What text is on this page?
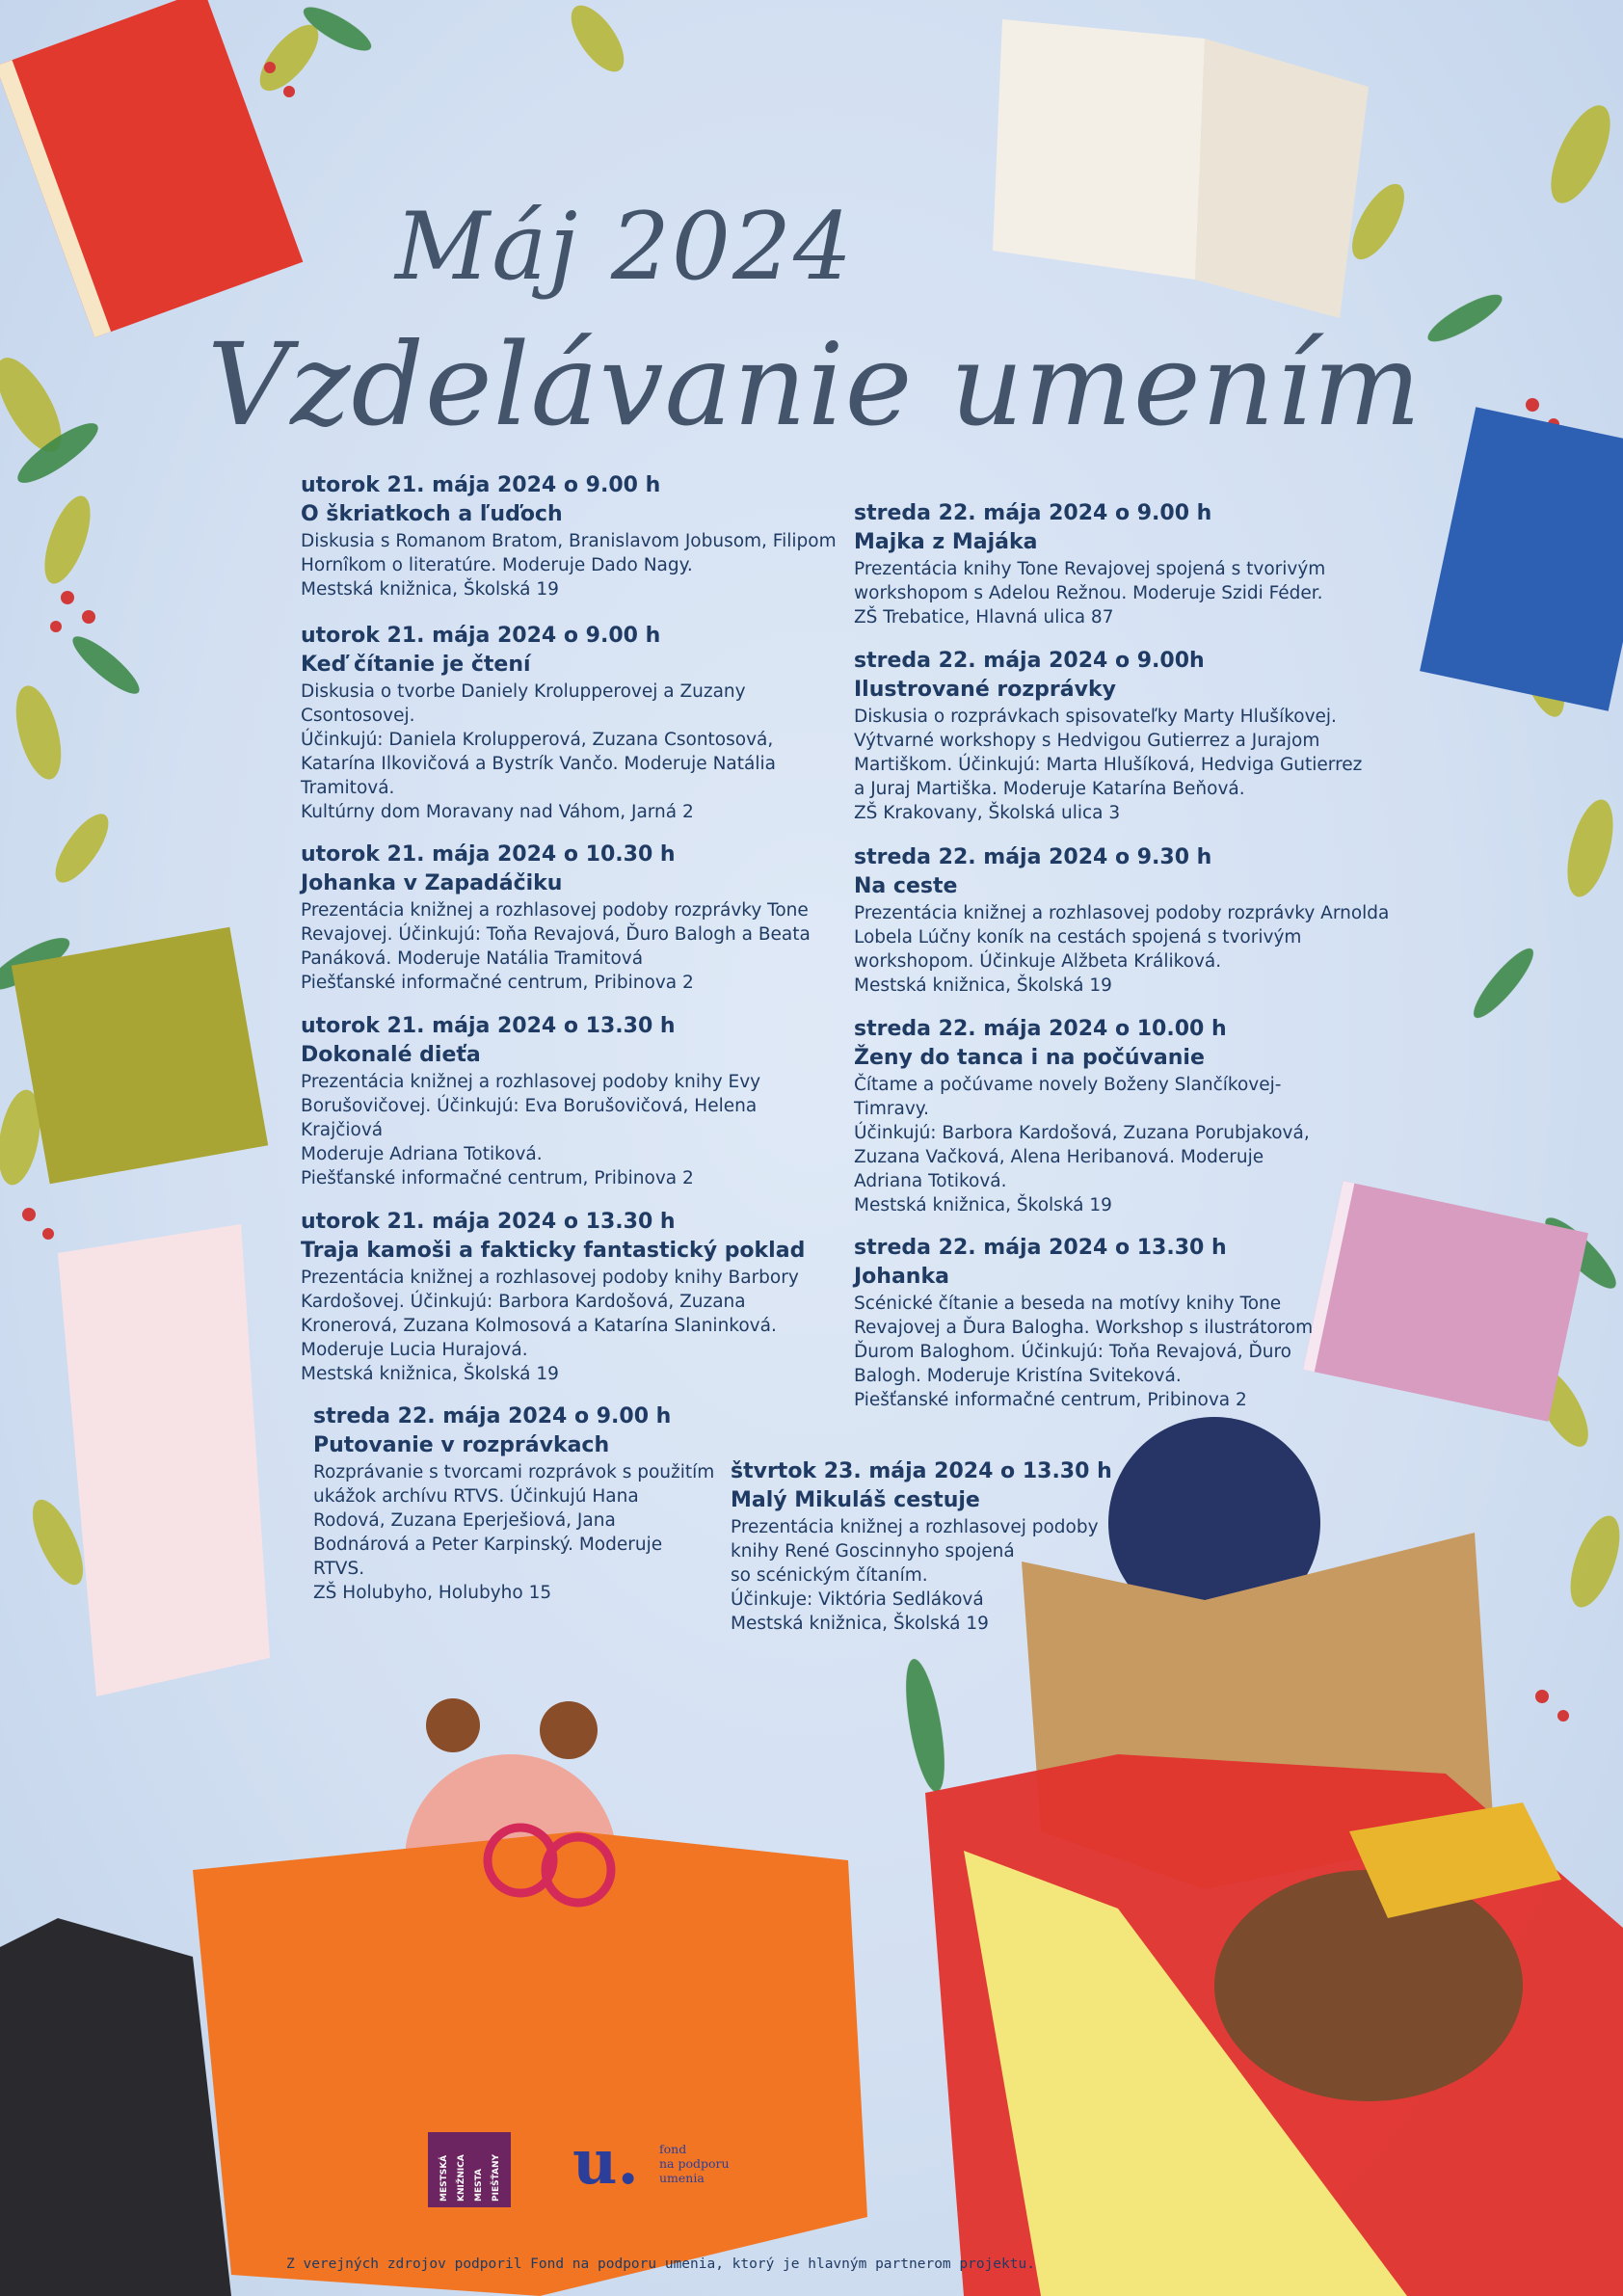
Máj 2024
Vzdelávanie umením
utorok 21. mája 2024 o 9.00 h
O škriatkoch a ľuďoch
Diskusia s Romanom Bratom, Branislavom Jobusom, Filipom
Hornîkom o literatúre. Moderuje Dado Nagy.
Mestská knižnica, Školská 19
utorok 21. mája 2024 o 9.00 h
Keď čítanie je čtení
Diskusia o tvorbe Daniely Krolupperovej a Zuzany
Csontosovej.
Účinkujú: Daniela Krolupperová, Zuzana Csontosová,
Katarína Ilkovičová a Bystrík Vančo. Moderuje Natália
Tramitová.
Kultúrny dom Moravany nad Váhom, Jarná 2
utorok 21. mája 2024 o 10.30 h
Johanka v Zapadáčiku
Prezentácia knižnej a rozhlasovej podoby rozprávky Tone
Revajovej. Účinkujú: Toňa Revajová, Ďuro Balogh a Beata
Panáková. Moderuje Natália Tramitová
Piešťanské informačné centrum, Pribinova 2
utorok 21. mája 2024 o 13.30 h
Dokonalé dieťa
Prezentácia knižnej a rozhlasovej podoby knihy Evy
Borušovičovej. Účinkujú: Eva Borušovičová, Helena
Krajčiová
Moderuje Adriana Totiková.
Piešťanské informačné centrum, Pribinova 2
utorok 21. mája 2024 o 13.30 h
Traja kamoši a fakticky fantastický poklad
Prezentácia knižnej a rozhlasovej podoby knihy Barbory
Kardošovej. Účinkujú: Barbora Kardošová, Zuzana
Kronerová, Zuzana Kolmosová a Katarína Slaninková.
Moderuje Lucia Hurajová.
Mestská knižnica, Školská 19
streda 22. mája 2024 o 9.00 h
Putovanie v rozprávkach
Rozprávanie s tvorcami rozprávok s použitím
ukážok archívu RTVS. Účinkujú Hana
Rodová, Zuzana Eperješiová, Jana
Bodnárová a Peter Karpinský. Moderuje
RTVS.
ZŠ Holubyho, Holubyho 15
streda 22. mája 2024 o 9.00 h
Majka z Majáka
Prezentácia knihy Tone Revajovej spojená s tvorivým
workshopom s Adelou Režnou. Moderuje Szidi Féder.
ZŠ Trebatice, Hlavná ulica 87
streda 22. mája 2024 o 9.00h
Ilustrované rozprávky
Diskusia o rozprávkach spisovateľky Marty Hlušíkovej.
Výtvarné workshopy s Hedvigou Gutierrez a Jurajom
Martiškom. Účinkujú: Marta Hlušíková, Hedviga Gutierrez
a Juraj Martiška. Moderuje Katarína Beňová.
ZŠ Krakovany, Školská ulica 3
streda 22. mája 2024 o 9.30 h
Na ceste
Prezentácia knižnej a rozhlasovej podoby rozprávky Arnolda
Lobela Lúčny koník na cestách spojená s tvorivým
workshopom. Účinkuje Alžbeta Králiková.
Mestská knižnica, Školská 19
streda 22. mája 2024 o 10.00 h
Ženy do tanca i na počúvanie
Čítame a počúvame novely Boženy Slančíkovej-
Timravy.
Účinkujú: Barbora Kardošová, Zuzana Porubjaková,
Zuzana Vačková, Alena Heribanová. Moderuje
Adriana Totiková.
Mestská knižnica, Školská 19
streda 22. mája 2024 o 13.30 h
Johanka
Scénické čítanie a beseda na motívy knihy Tone
Revajovej a Ďura Balogha. Workshop s ilustrátorom
Ďurom Baloghom. Účinkujú: Toňa Revajová, Ďuro
Balogh. Moderuje Kristína Sviteková.
Piešťanské informačné centrum, Pribinova 2
štvrtok 23. mája 2024 o 13.30 h
Malý Mikuláš cestuje
Prezentácia knižnej a rozhlasovej podoby
knihy René Goscinnyho spojená
so scénickým čítaním.
Účinkuje: Viktória Sedláková
Mestská knižnica, Školská 19
MESTSKÁ KNIŽNICA MESTA PIEŠŤANY u. fond
na podporu
umenia
Z verejných zdrojov podporil Fond na podporu umenia, ktorý je hlavným partnerom projektu.
